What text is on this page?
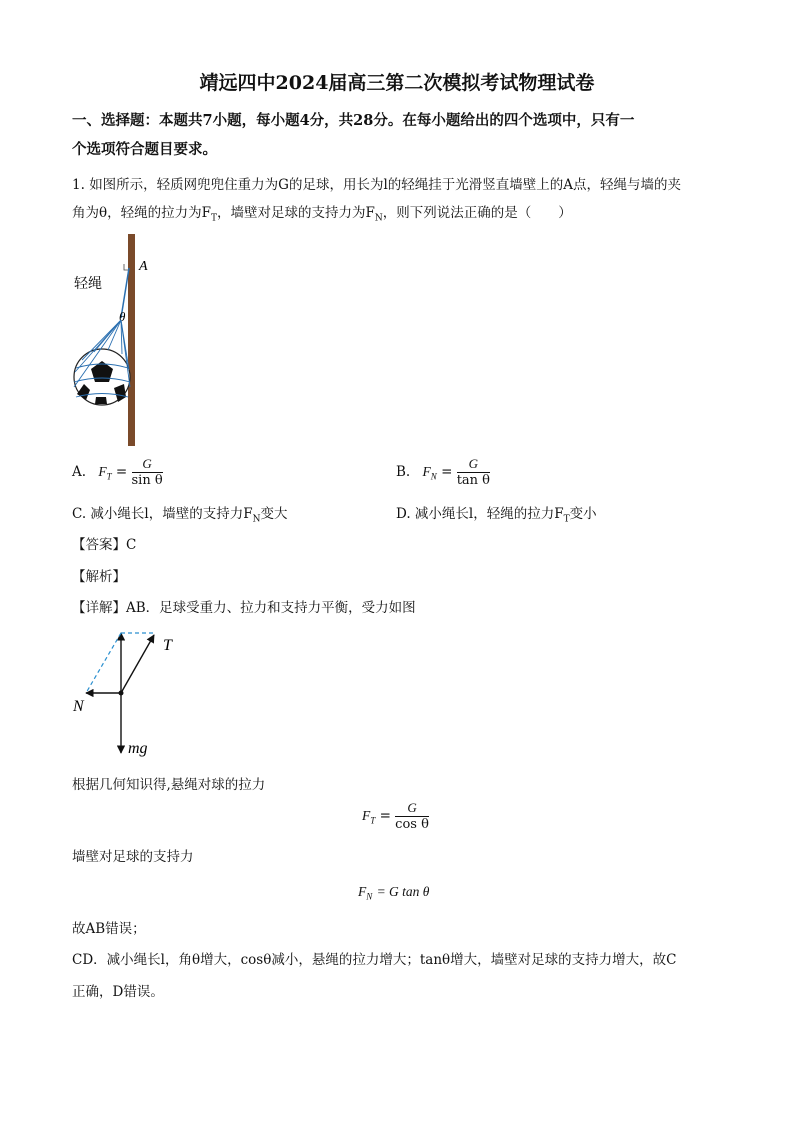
靖远四中2024届高三第二次模拟考试物理试卷
一、选择题：本题共7小题，每小题4分，共28分。在每小题给出的四个选项中，只有一
个选项符合题目要求。
1. 如图所示，轻质网兜兜住重力为G的足球，用长为l的轻绳挂于光滑竖直墙壁上的A点，轻绳与墙的夹
角为θ，轻绳的拉力为$F_T$，墙壁对足球的支持力为$F_N$，则下列说法正确的是（　　）
A
轻绳
θ
A. $F_T = \frac{G}{\text{sin θ}}$	B. $F_N = \frac{G}{\text{tan θ}}$
C. 减小绳长l，墙壁的支持力$F_N$变大	D. 减小绳长l，轻绳的拉力$F_T$变小
【答案】C
【解析】
【详解】AB．足球受重力、拉力和支持力平衡，受力如图
T
N
mg
根据几何知识得,悬绳对球的拉力
$F_T = \frac{G}{\text{cos θ}}$
墙壁对足球的支持力
$F_N = G$ tan θ
故AB错误；
CD．减小绳长l，角θ增大，cosθ减小，悬绳的拉力增大；tanθ增大，墙壁对足球的支持力增大，故C
正确，D错误。
